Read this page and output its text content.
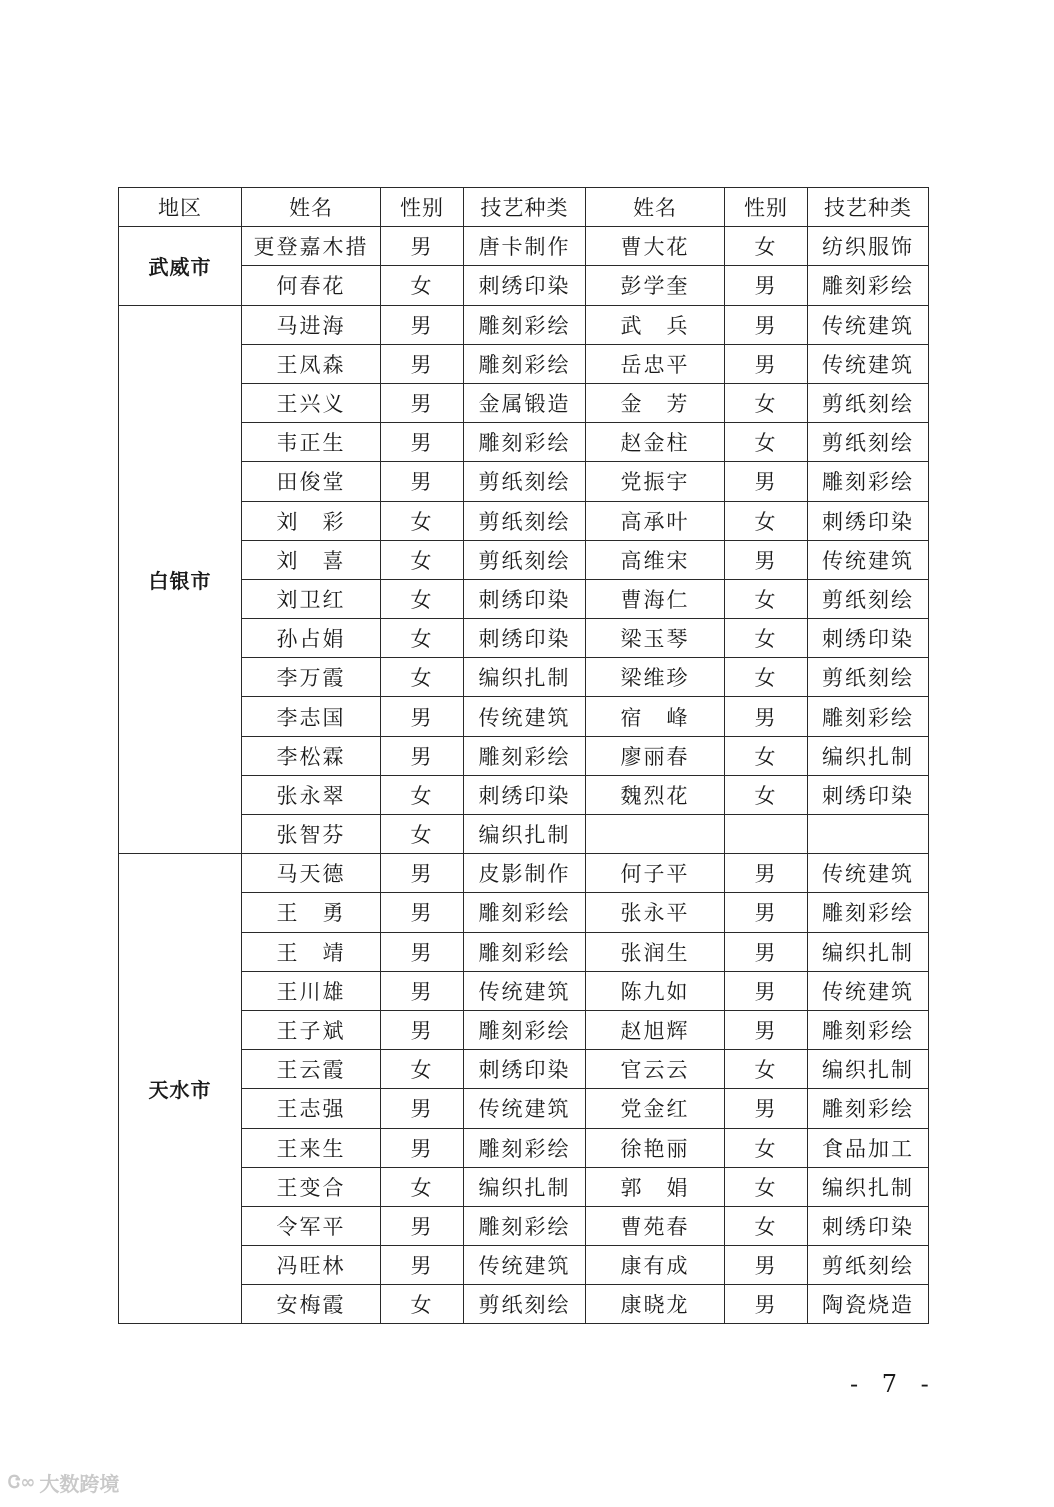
地区	姓名	性别	技艺种类	姓名	性别	技艺种类
武威市	更登嘉木措	男	唐卡制作	曹大花	女	纺织服饰
	何春花	女	刺绣印染	彭学奎	男	雕刻彩绘
白银市	马进海	男	雕刻彩绘	武　兵	男	传统建筑
	王凤森	男	雕刻彩绘	岳忠平	男	传统建筑
	王兴义	男	金属锻造	金　芳	女	剪纸刻绘
	韦正生	男	雕刻彩绘	赵金柱	女	剪纸刻绘
	田俊堂	男	剪纸刻绘	党振宇	男	雕刻彩绘
	刘　彩	女	剪纸刻绘	高承叶	女	刺绣印染
	刘　喜	女	剪纸刻绘	高维宋	男	传统建筑
	刘卫红	女	刺绣印染	曹海仁	女	剪纸刻绘
	孙占娟	女	刺绣印染	梁玉琴	女	刺绣印染
	李万霞	女	编织扎制	梁维珍	女	剪纸刻绘
	李志国	男	传统建筑	宿　峰	男	雕刻彩绘
	李松霖	男	雕刻彩绘	廖丽春	女	编织扎制
	张永翠	女	刺绣印染	魏烈花	女	刺绣印染
	张智芬	女	编织扎制			
天水市	马天德	男	皮影制作	何子平	男	传统建筑
	王　勇	男	雕刻彩绘	张永平	男	雕刻彩绘
	王　靖	男	雕刻彩绘	张润生	男	编织扎制
	王川雄	男	传统建筑	陈九如	男	传统建筑
	王子斌	男	雕刻彩绘	赵旭辉	男	雕刻彩绘
	王云霞	女	刺绣印染	官云云	女	编织扎制
	王志强	男	传统建筑	党金红	男	雕刻彩绘
	王来生	男	雕刻彩绘	徐艳丽	女	食品加工
	王变合	女	编织扎制	郭　娟	女	编织扎制
	令军平	男	雕刻彩绘	曹苑春	女	刺绣印染
	冯旺林	男	传统建筑	康有成	男	剪纸刻绘
	安梅霞	女	剪纸刻绘	康晓龙	男	陶瓷烧造
- 7 -
Ꮳ∞ 大数跨境
